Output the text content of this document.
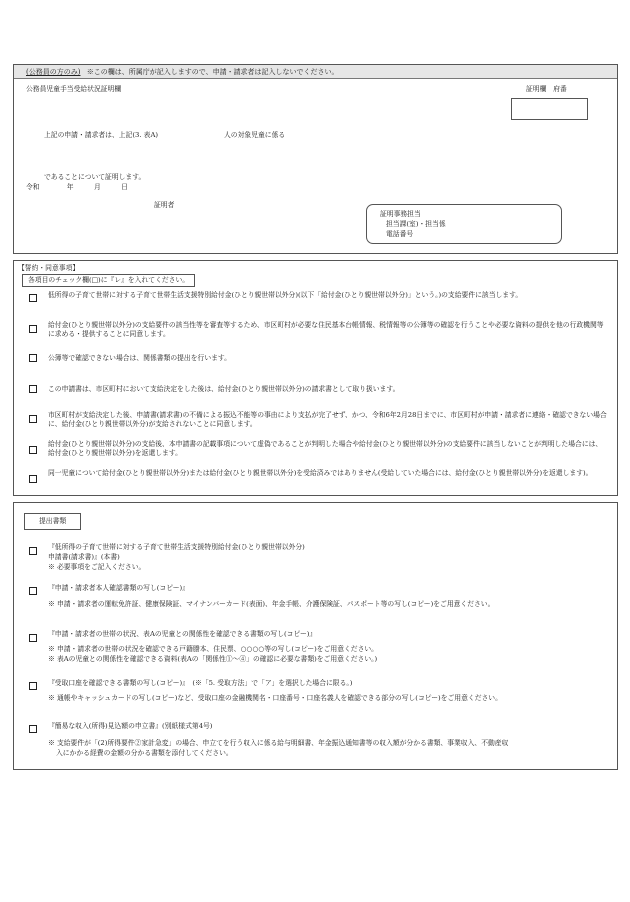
(公務員の方のみ) ※この欄は、所属庁が記入しますので、申請・請求者は記入しないでください。
公務員児童手当受給状況証明欄	証明欄　府番
上記の申請・請求者は、上記(3. 表A)	人の対象児童に係る
であることについて証明します。
令和　　　　年　　　月　　　日
証明者
証明事務担当
担当課(室)・担当係
電話番号
【誓約・同意事項】
各項目のチェック欄(□)に『レ』を入れてください。
低所得の子育て世帯に対する子育て世帯生活支援特別給付金(ひとり親世帯以外分)(以下「給付金(ひとり親世帯以外分)」という。)の支給要件に該当します。
給付金(ひとり親世帯以外分)の支給要件の該当性等を審査等するため、市区町村が必要な住民基本台帳情報、税情報等の公簿等の確認を行うことや必要な資料の提供を他の行政機関等に求める・提供することに同意します。
公簿等で確認できない場合は、関係書類の提出を行います。
この申請書は、市区町村において支給決定をした後は、給付金(ひとり親世帯以外分)の請求書として取り扱います。
市区町村が支給決定した後、申請書(請求書)の不備による振込不能等の事由により支払が完了せず、かつ、令和6年2月28日までに、市区町村が申請・請求者に連絡・確認できない場合に、給付金(ひとり親世帯以外分)が支給されないことに同意します。
給付金(ひとり親世帯以外分)の支給後、本申請書の記載事項について虚偽であることが判明した場合や給付金(ひとり親世帯以外分)の支給要件に該当しないことが判明した場合には、給付金(ひとり親世帯以外分)を返還します。
同一児童について給付金(ひとり親世帯以外分)または給付金(ひとり親世帯以外分)を受給済みではありません(受給していた場合には、給付金(ひとり親世帯以外分)を返還します)。
提出書類
『低所得の子育て世帯に対する子育て世帯生活支援特別給付金(ひとり親世帯以外分)
申請書(請求書)』(本書)
※ 必要事項をご記入ください。
『申請・請求者本人確認書類の写し(コピー)』
※ 申請・請求者の運転免許証、健康保険証、マイナンバーカード(表面)、年金手帳、介護保険証、パスポート等の写し(コピー)をご用意ください。
『申請・請求者の世帯の状況、表Aの児童との関係性を確認できる書類の写し(コピー)』
※ 申請・請求者の世帯の状況を確認できる戸籍謄本、住民票、○○○○等の写し(コピー)をご用意ください。
※ 表Aの児童との関係性を確認できる資料(表Aの「関係性①～④」の確認に必要な書類)をご用意ください。)
『受取口座を確認できる書類の写し(コピー)』　(※「5. 受取方法」で「ア」を選択した場合に限る。)
※ 通帳やキャッシュカードの写し(コピー)など、受取口座の金融機関名・口座番号・口座名義人を確認できる部分の写し(コピー)をご用意ください。
『簡易な収入(所得)見込額の申立書』(別紙様式第4号)
※ 支給要件が「(2)所得要件②家計急変」の場合、申立てを行う収入に係る給与明細書、年金振込通知書等の収入額が分かる書類、事業収入、不動産収
入にかかる経費の金額の分かる書類を添付してください。
